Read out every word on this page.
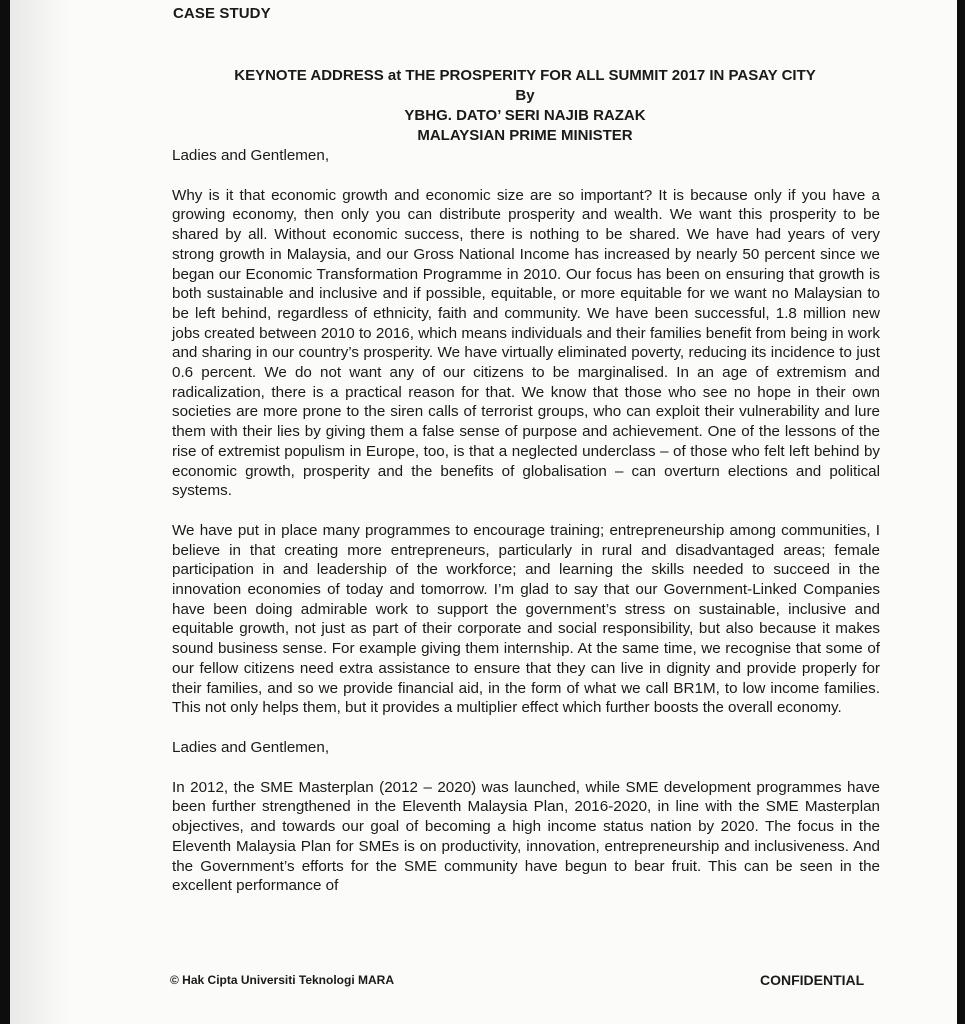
CASE STUDY
KEYNOTE ADDRESS at THE PROSPERITY FOR ALL SUMMIT 2017 IN PASAY CITY
By
YBHG. DATO’ SERI NAJIB RAZAK
MALAYSIAN PRIME MINISTER

Ladies and Gentlemen,

Why is it that economic growth and economic size are so important? It is because only if you have a growing economy, then only you can distribute prosperity and wealth. We want this prosperity to be shared by all. Without economic success, there is nothing to be shared. We have had years of very strong growth in Malaysia, and our Gross National Income has increased by nearly 50 percent since we began our Economic Transformation Programme in 2010. Our focus has been on ensuring that growth is both sustainable and inclusive and if possible, equitable, or more equitable for we want no Malaysian to be left behind, regardless of ethnicity, faith and community. We have been successful, 1.8 million new jobs created between 2010 to 2016, which means individuals and their families benefit from being in work and sharing in our country’s prosperity. We have virtually eliminated poverty, reducing its incidence to just 0.6 percent. We do not want any of our citizens to be marginalised. In an age of extremism and radicalization, there is a practical reason for that. We know that those who see no hope in their own societies are more prone to the siren calls of terrorist groups, who can exploit their vulnerability and lure them with their lies by giving them a false sense of purpose and achievement. One of the lessons of the rise of extremist populism in Europe, too, is that a neglected underclass – of those who felt left behind by economic growth, prosperity and the benefits of globalisation – can overturn elections and political systems.

We have put in place many programmes to encourage training; entrepreneurship among communities, I believe in that creating more entrepreneurs, particularly in rural and disadvantaged areas; female participation in and leadership of the workforce; and learning the skills needed to succeed in the innovation economies of today and tomorrow. I’m glad to say that our Government-Linked Companies have been doing admirable work to support the government’s stress on sustainable, inclusive and equitable growth, not just as part of their corporate and social responsibility, but also because it makes sound business sense. For example giving them internship. At the same time, we recognise that some of our fellow citizens need extra assistance to ensure that they can live in dignity and provide properly for their families, and so we provide financial aid, in the form of what we call BR1M, to low income families. This not only helps them, but it provides a multiplier effect which further boosts the overall economy.

Ladies and Gentlemen,

In 2012, the SME Masterplan (2012 – 2020) was launched, while SME development programmes have been further strengthened in the Eleventh Malaysia Plan, 2016-2020, in line with the SME Masterplan objectives, and towards our goal of becoming a high income status nation by 2020. The focus in the Eleventh Malaysia Plan for SMEs is on productivity, innovation, entrepreneurship and inclusiveness. And the Government’s efforts for the SME community have begun to bear fruit. This can be seen in the excellent performance of

© Hak Cipta Universiti Teknologi MARA	CONFIDENTIAL
